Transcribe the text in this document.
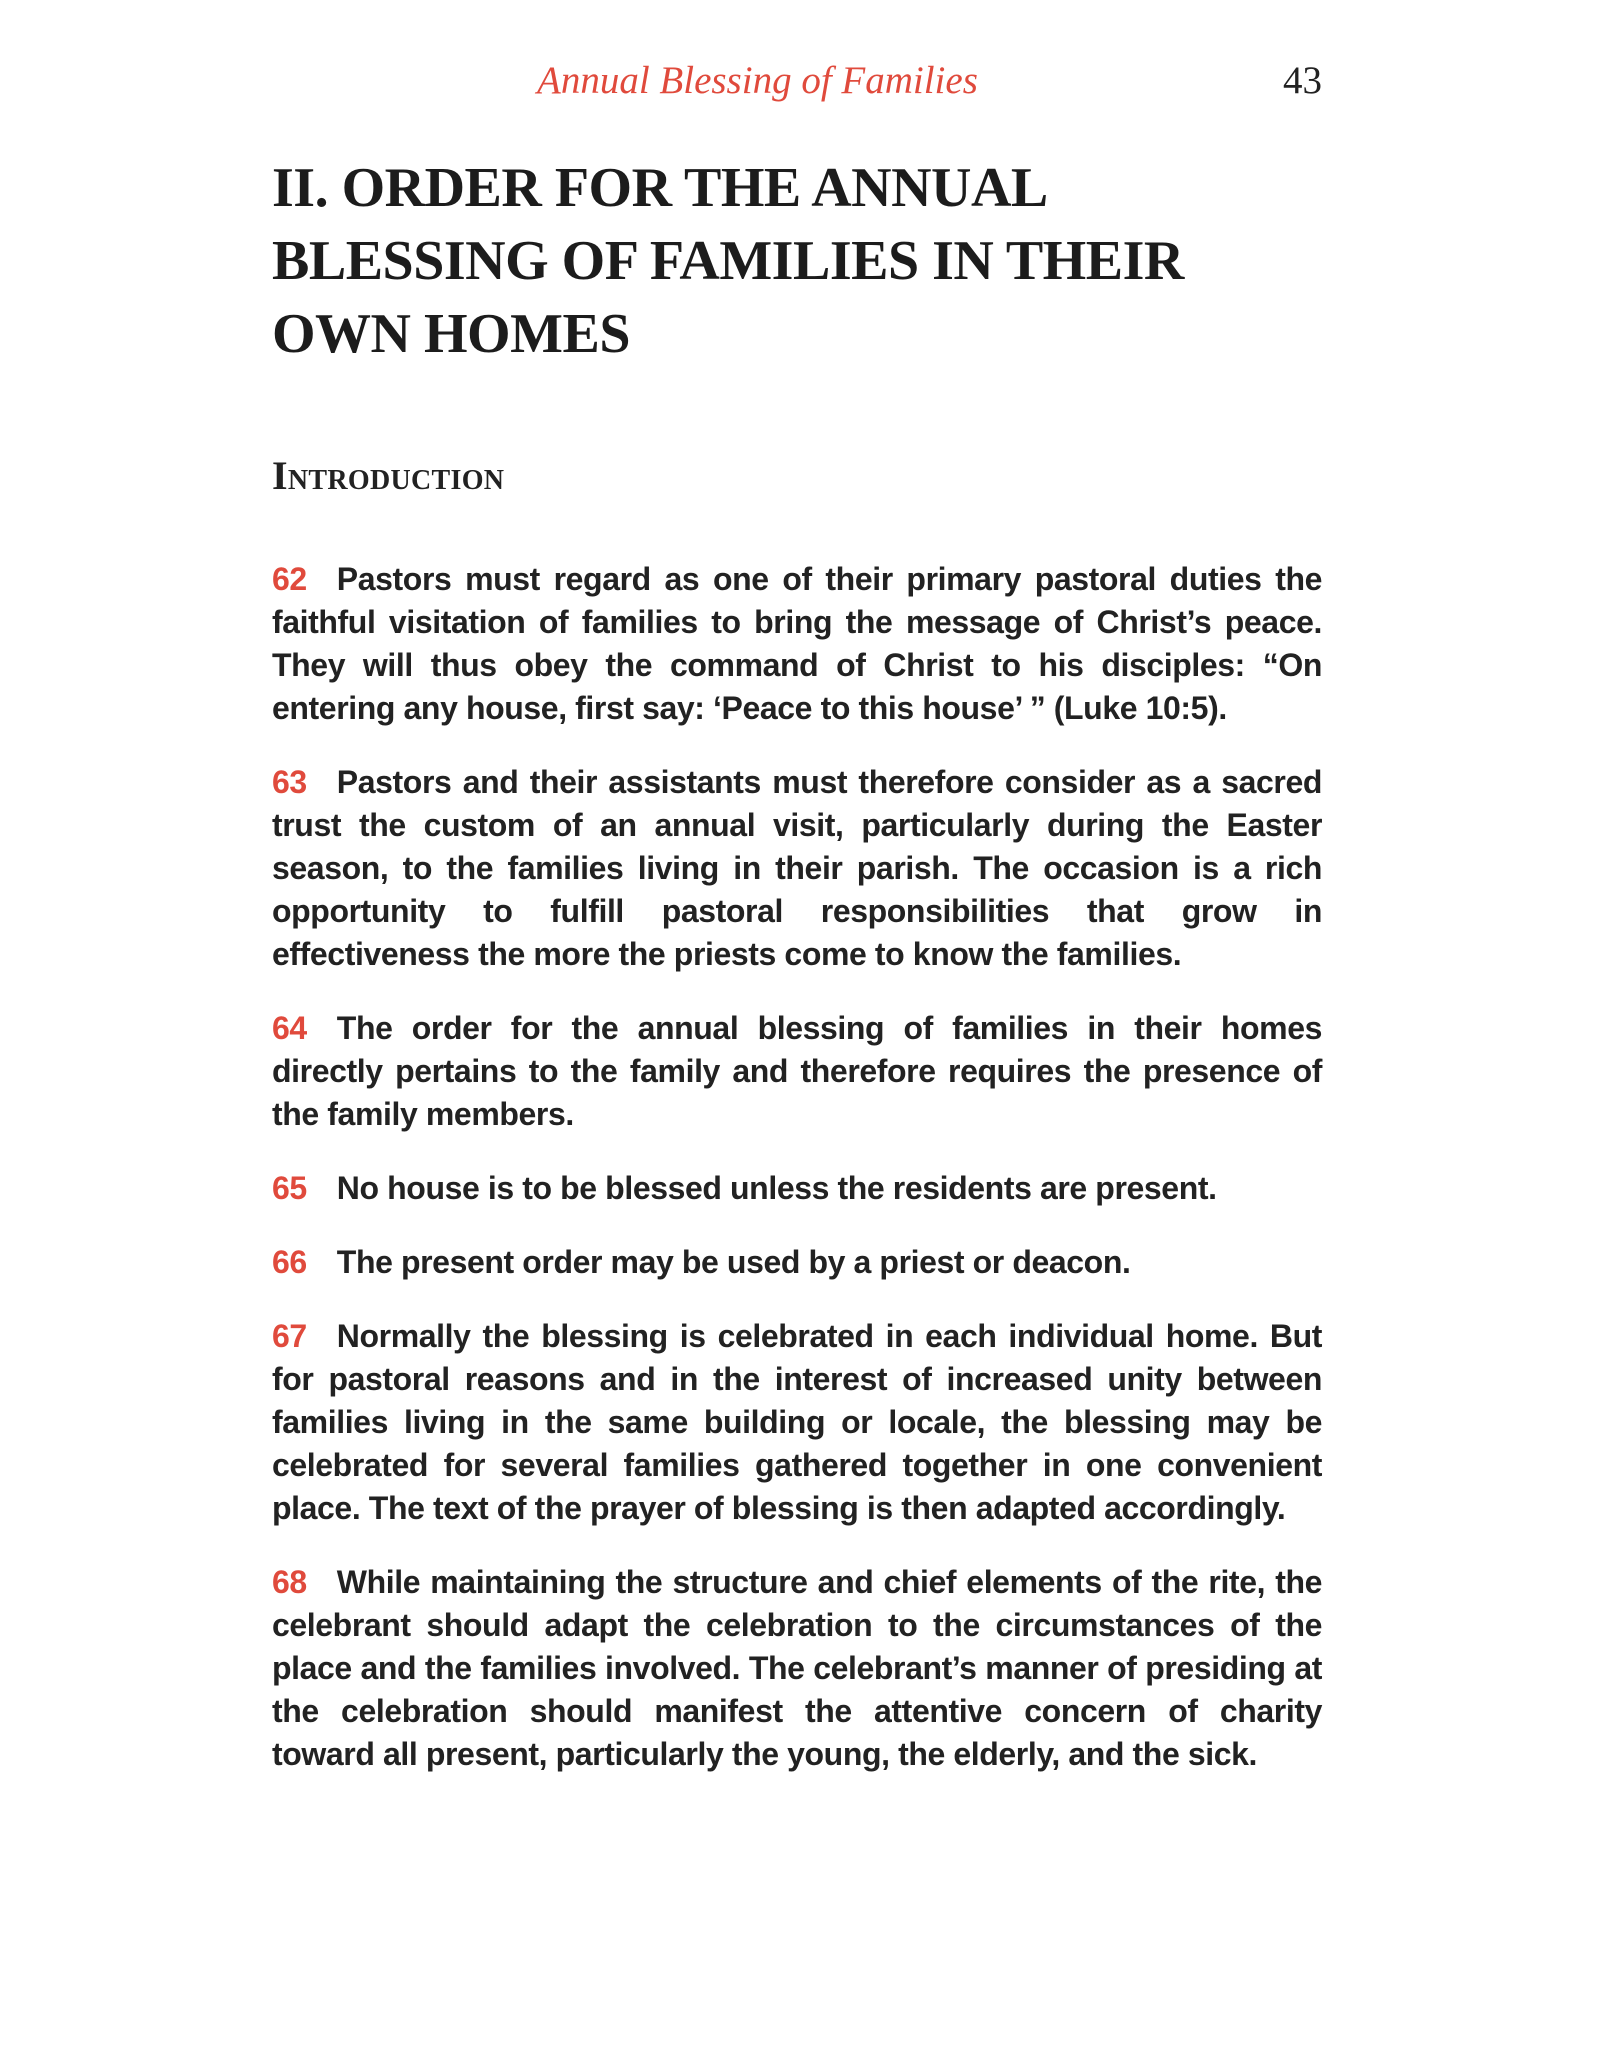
Annual Blessing of Families	43
II. ORDER FOR THE ANNUAL
BLESSING OF FAMILIES IN THEIR
OWN HOMES
Introduction

62 Pastors must regard as one of their primary pastoral duties the faithful visitation of families to bring the message of Christ’s peace. They will thus obey the command of Christ to his disciples: “On entering any house, first say: ‘Peace to this house’ ” (Luke 10:5).

63 Pastors and their assistants must therefore consider as a sacred trust the custom of an annual visit, particularly during the Easter season, to the families living in their parish. The occasion is a rich opportunity to fulfill pastoral responsibilities that grow in effectiveness the more the priests come to know the families.

64 The order for the annual blessing of families in their homes directly pertains to the family and therefore requires the presence of the family members.

65 No house is to be blessed unless the residents are present.

66 The present order may be used by a priest or deacon.

67 Normally the blessing is celebrated in each individual home. But for pastoral reasons and in the interest of increased unity between families living in the same building or locale, the blessing may be celebrated for several families gathered together in one convenient place. The text of the prayer of blessing is then adapted accordingly.

68 While maintaining the structure and chief elements of the rite, the celebrant should adapt the celebration to the circumstances of the place and the families involved. The celebrant’s manner of presiding at the celebration should manifest the attentive concern of charity toward all present, particularly the young, the elderly, and the sick.
